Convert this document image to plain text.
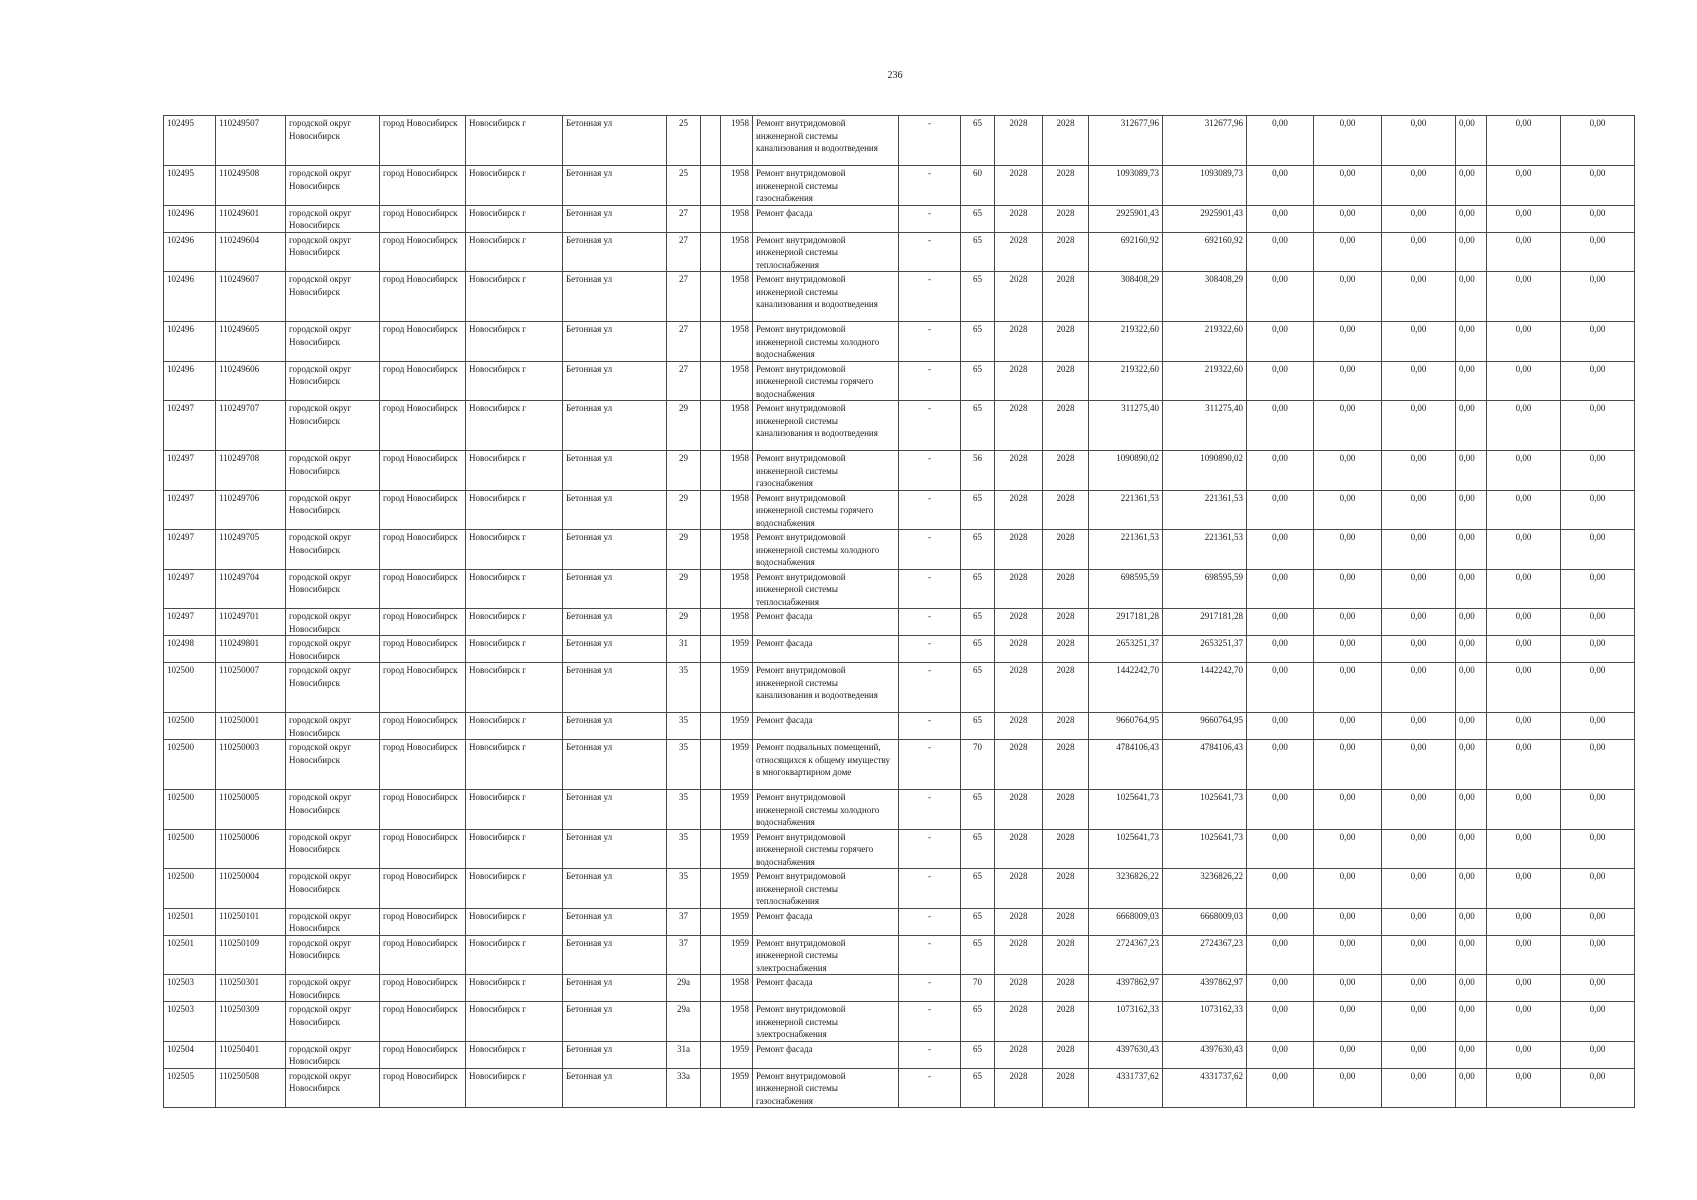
236
102495	110249507	городской округ Новосибирск	город Новосибирск	Новосибирск г	Бетонная ул	25		1958	Ремонт внутридомовой инженерной системы канализования и водоотведения	-	65	2028	2028	312677,96	312677,96	0,00	0,00	0,00	0,00	0,00	0,00
102495	110249508	городской округ Новосибирск	город Новосибирск	Новосибирск г	Бетонная ул	25		1958	Ремонт внутридомовой инженерной системы газоснабжения	-	60	2028	2028	1093089,73	1093089,73	0,00	0,00	0,00	0,00	0,00	0,00
102496	110249601	городской округ Новосибирск	город Новосибирск	Новосибирск г	Бетонная ул	27		1958	Ремонт фасада	-	65	2028	2028	2925901,43	2925901,43	0,00	0,00	0,00	0,00	0,00	0,00
102496	110249604	городской округ Новосибирск	город Новосибирск	Новосибирск г	Бетонная ул	27		1958	Ремонт внутридомовой инженерной системы теплоснабжения	-	65	2028	2028	692160,92	692160,92	0,00	0,00	0,00	0,00	0,00	0,00
102496	110249607	городской округ Новосибирск	город Новосибирск	Новосибирск г	Бетонная ул	27		1958	Ремонт внутридомовой инженерной системы канализования и водоотведения	-	65	2028	2028	308408,29	308408,29	0,00	0,00	0,00	0,00	0,00	0,00
102496	110249605	городской округ Новосибирск	город Новосибирск	Новосибирск г	Бетонная ул	27		1958	Ремонт внутридомовой инженерной системы холодного водоснабжения	-	65	2028	2028	219322,60	219322,60	0,00	0,00	0,00	0,00	0,00	0,00
102496	110249606	городской округ Новосибирск	город Новосибирск	Новосибирск г	Бетонная ул	27		1958	Ремонт внутридомовой инженерной системы горячего водоснабжения	-	65	2028	2028	219322,60	219322,60	0,00	0,00	0,00	0,00	0,00	0,00
102497	110249707	городской округ Новосибирск	город Новосибирск	Новосибирск г	Бетонная ул	29		1958	Ремонт внутридомовой инженерной системы канализования и водоотведения	-	65	2028	2028	311275,40	311275,40	0,00	0,00	0,00	0,00	0,00	0,00
102497	110249708	городской округ Новосибирск	город Новосибирск	Новосибирск г	Бетонная ул	29		1958	Ремонт внутридомовой инженерной системы газоснабжения	-	56	2028	2028	1090890,02	1090890,02	0,00	0,00	0,00	0,00	0,00	0,00
102497	110249706	городской округ Новосибирск	город Новосибирск	Новосибирск г	Бетонная ул	29		1958	Ремонт внутридомовой инженерной системы горячего водоснабжения	-	65	2028	2028	221361,53	221361,53	0,00	0,00	0,00	0,00	0,00	0,00
102497	110249705	городской округ Новосибирск	город Новосибирск	Новосибирск г	Бетонная ул	29		1958	Ремонт внутридомовой инженерной системы холодного водоснабжения	-	65	2028	2028	221361,53	221361,53	0,00	0,00	0,00	0,00	0,00	0,00
102497	110249704	городской округ Новосибирск	город Новосибирск	Новосибирск г	Бетонная ул	29		1958	Ремонт внутридомовой инженерной системы теплоснабжения	-	65	2028	2028	698595,59	698595,59	0,00	0,00	0,00	0,00	0,00	0,00
102497	110249701	городской округ Новосибирск	город Новосибирск	Новосибирск г	Бетонная ул	29		1958	Ремонт фасада	-	65	2028	2028	2917181,28	2917181,28	0,00	0,00	0,00	0,00	0,00	0,00
102498	110249801	городской округ Новосибирск	город Новосибирск	Новосибирск г	Бетонная ул	31		1959	Ремонт фасада	-	65	2028	2028	2653251,37	2653251,37	0,00	0,00	0,00	0,00	0,00	0,00
102500	110250007	городской округ Новосибирск	город Новосибирск	Новосибирск г	Бетонная ул	35		1959	Ремонт внутридомовой инженерной системы канализования и водоотведения	-	65	2028	2028	1442242,70	1442242,70	0,00	0,00	0,00	0,00	0,00	0,00
102500	110250001	городской округ Новосибирск	город Новосибирск	Новосибирск г	Бетонная ул	35		1959	Ремонт фасада	-	65	2028	2028	9660764,95	9660764,95	0,00	0,00	0,00	0,00	0,00	0,00
102500	110250003	городской округ Новосибирск	город Новосибирск	Новосибирск г	Бетонная ул	35		1959	Ремонт подвальных помещений, относящихся к общему имуществу в многоквартирном доме	-	70	2028	2028	4784106,43	4784106,43	0,00	0,00	0,00	0,00	0,00	0,00
102500	110250005	городской округ Новосибирск	город Новосибирск	Новосибирск г	Бетонная ул	35		1959	Ремонт внутридомовой инженерной системы холодного водоснабжения	-	65	2028	2028	1025641,73	1025641,73	0,00	0,00	0,00	0,00	0,00	0,00
102500	110250006	городской округ Новосибирск	город Новосибирск	Новосибирск г	Бетонная ул	35		1959	Ремонт внутридомовой инженерной системы горячего водоснабжения	-	65	2028	2028	1025641,73	1025641,73	0,00	0,00	0,00	0,00	0,00	0,00
102500	110250004	городской округ Новосибирск	город Новосибирск	Новосибирск г	Бетонная ул	35		1959	Ремонт внутридомовой инженерной системы теплоснабжения	-	65	2028	2028	3236826,22	3236826,22	0,00	0,00	0,00	0,00	0,00	0,00
102501	110250101	городской округ Новосибирск	город Новосибирск	Новосибирск г	Бетонная ул	37		1959	Ремонт фасада	-	65	2028	2028	6668009,03	6668009,03	0,00	0,00	0,00	0,00	0,00	0,00
102501	110250109	городской округ Новосибирск	город Новосибирск	Новосибирск г	Бетонная ул	37		1959	Ремонт внутридомовой инженерной системы электроснабжения	-	65	2028	2028	2724367,23	2724367,23	0,00	0,00	0,00	0,00	0,00	0,00
102503	110250301	городской округ Новосибирск	город Новосибирск	Новосибирск г	Бетонная ул	29а		1958	Ремонт фасада	-	70	2028	2028	4397862,97	4397862,97	0,00	0,00	0,00	0,00	0,00	0,00
102503	110250309	городской округ Новосибирск	город Новосибирск	Новосибирск г	Бетонная ул	29а		1958	Ремонт внутридомовой инженерной системы электроснабжения	-	65	2028	2028	1073162,33	1073162,33	0,00	0,00	0,00	0,00	0,00	0,00
102504	110250401	городской округ Новосибирск	город Новосибирск	Новосибирск г	Бетонная ул	31а		1959	Ремонт фасада	-	65	2028	2028	4397630,43	4397630,43	0,00	0,00	0,00	0,00	0,00	0,00
102505	110250508	городской округ Новосибирск	город Новосибирск	Новосибирск г	Бетонная ул	33а		1959	Ремонт внутридомовой инженерной системы газоснабжения	-	65	2028	2028	4331737,62	4331737,62	0,00	0,00	0,00	0,00	0,00	0,00
